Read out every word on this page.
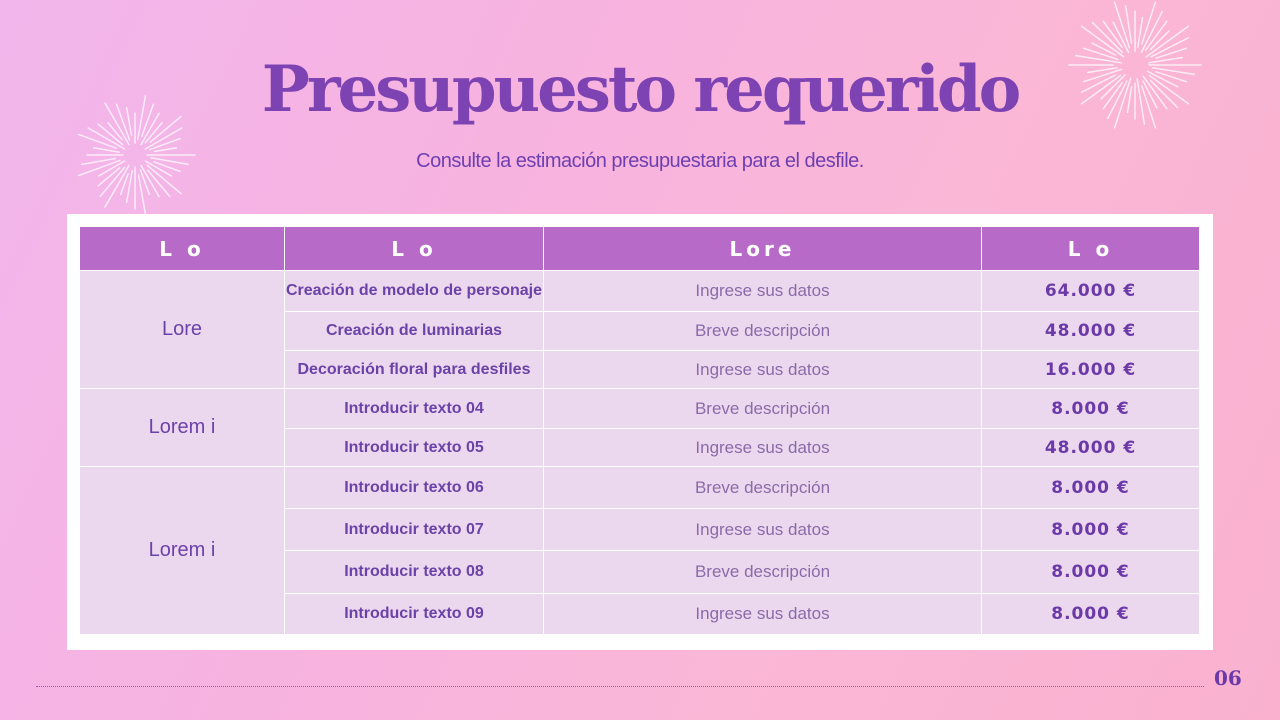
Presupuesto requerido

Consulte la estimación presupuestaria para el desfile.

L o	L o	Lore	L o
Lore	Creación de modelo de personaje	Ingrese sus datos	64.000 €
	Creación de luminarias	Breve descripción	48.000 €
	Decoración floral para desfiles	Ingrese sus datos	16.000 €
Lorem i	Introducir texto 04	Breve descripción	8.000 €
	Introducir texto 05	Ingrese sus datos	48.000 €
Lorem i	Introducir texto 06	Breve descripción	8.000 €
	Introducir texto 07	Ingrese sus datos	8.000 €
	Introducir texto 08	Breve descripción	8.000 €
	Introducir texto 09	Ingrese sus datos	8.000 €
06
